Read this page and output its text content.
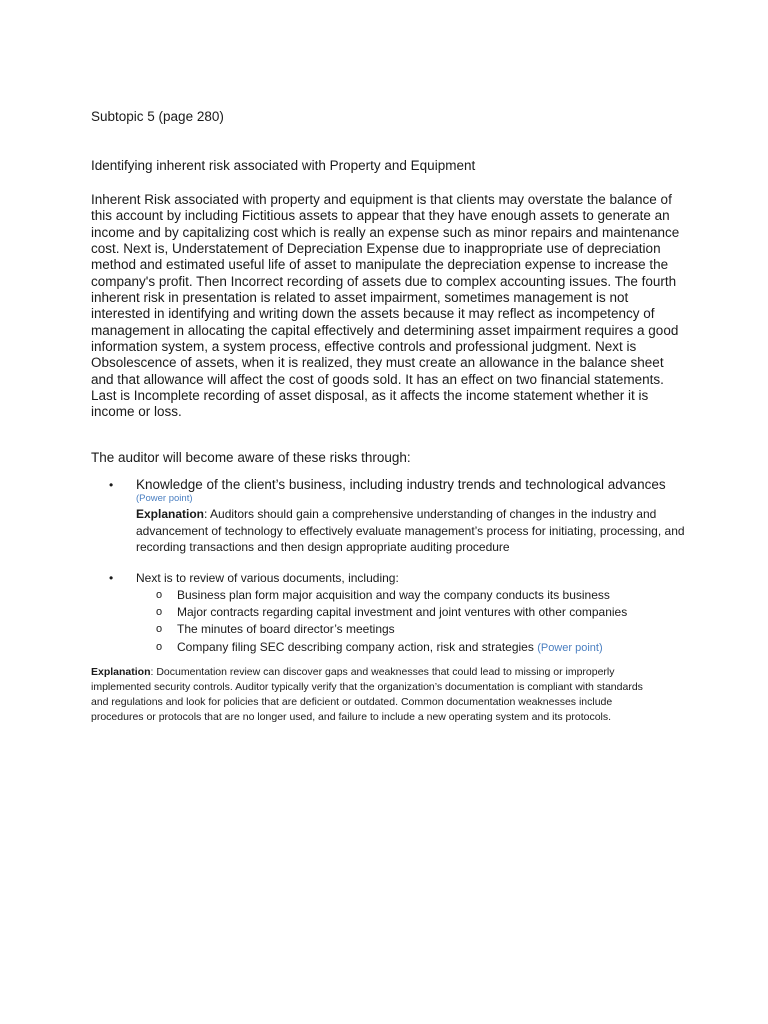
Subtopic 5 (page 280)
Identifying inherent risk associated with Property and Equipment

Inherent Risk associated with property and equipment is that clients may overstate the balance of this account by including Fictitious assets to appear that they have enough assets to generate an income and by capitalizing cost which is really an expense such as minor repairs and maintenance cost. Next is, Understatement of Depreciation Expense due to inappropriate use of depreciation method and estimated useful life of asset to manipulate the depreciation expense to increase the company's profit. Then Incorrect recording of assets due to complex accounting issues. The fourth inherent risk in presentation is related to asset impairment, sometimes management is not interested in identifying and writing down the assets because it may reflect as incompetency of management in allocating the capital effectively and determining asset impairment requires a good information system, a system process, effective controls and professional judgment. Next is Obsolescence of assets, when it is realized, they must create an allowance in the balance sheet and that allowance will affect the cost of goods sold. It has an effect on two financial statements. Last is Incomplete recording of asset disposal, as it affects the income statement whether it is income or loss.

The auditor will become aware of these risks through:
• Knowledge of the client’s business, including industry trends and technological advances
(Power point)
Explanation: Auditors should gain a comprehensive understanding of changes in the industry and advancement of technology to effectively evaluate management’s process for initiating, processing, and recording transactions and then design appropriate auditing procedure
• Next is to review of various documents, including:
o Business plan form major acquisition and way the company conducts its business
o Major contracts regarding capital investment and joint ventures with other companies
o The minutes of board director’s meetings
o Company filing SEC describing company action, risk and strategies (Power point)

Explanation: Documentation review can discover gaps and weaknesses that could lead to missing or improperly implemented security controls. Auditor typically verify that the organization’s documentation is compliant with standards and regulations and look for policies that are deficient or outdated. Common documentation weaknesses include procedures or protocols that are no longer used, and failure to include a new operating system and its protocols.
